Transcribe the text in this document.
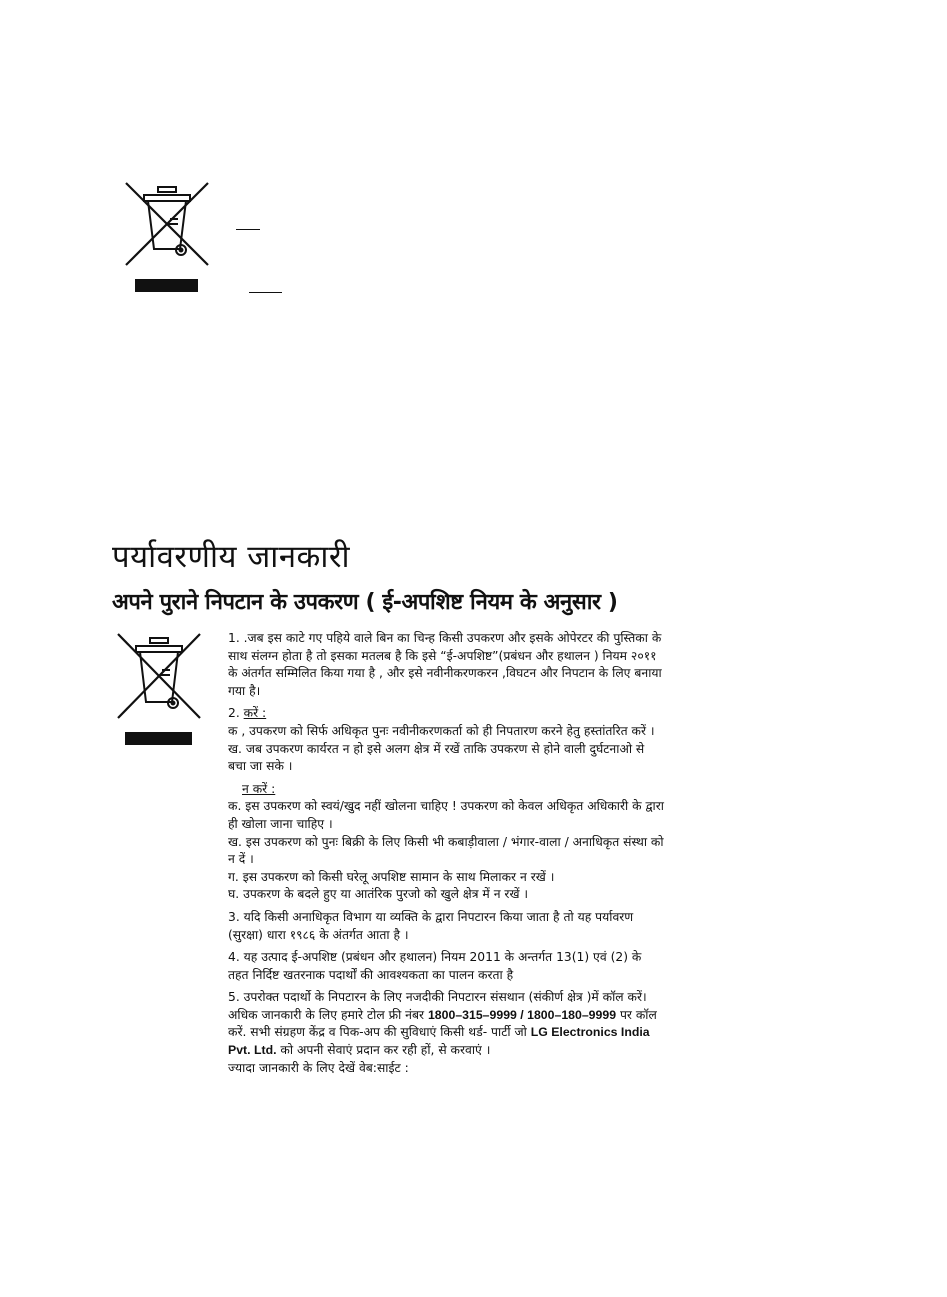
पर्यावरणीय जानकारी
अपने पुराने निपटान के उपकरण ( ई-अपशिष्ट नियम के अनुसार )

1. .जब इस काटे गए पहिये वाले बिन का चिन्ह किसी उपकरण और इसके ओपेरटर की पुस्तिका के साथ संलग्न होता है तो इसका मतलब है कि इसे “ई-अपशिष्ट”(प्रबंधन और हथालन ) नियम २०११ के अंतर्गत सम्मिलित किया गया है , और इसे नवीनीकरणकरन ,विघटन और निपटान के लिए बनाया गया है।

2. करें :

क , उपकरण को सिर्फ अधिकृत पुनः नवीनीकरणकर्ता को ही निपतारण करने हेतु हस्तांतरित करें ।

ख. जब उपकरण कार्यरत न हो इसे अलग क्षेत्र में रखें ताकि उपकरण से होने वाली दुर्घटनाओ से बचा जा सके ।

न करें :

क. इस उपकरण को स्वयं/खुद नहीं खोलना चाहिए ! उपकरण को केवल अधिकृत अधिकारी के द्वारा ही खोला जाना चाहिए ।

ख. इस उपकरण को पुनः बिक्री के लिए किसी भी कबाड़ीवाला / भंगार-वाला / अनाधिकृत संस्था को न दें ।

ग. इस उपकरण को किसी घरेलू अपशिष्ट सामान के साथ मिलाकर न रखें ।

घ. उपकरण के बदले हुए या आतंरिक पुरजो को खुले क्षेत्र में न रखें ।

3. यदि किसी अनाधिकृत विभाग या व्यक्ति के द्वारा निपटारन किया जाता है तो यह पर्यावरण (सुरक्षा) धारा १९८६ के अंतर्गत आता है ।

4. यह उत्पाद ई-अपशिष्ट (प्रबंधन और हथालन) नियम 2011 के अन्तर्गत 13(1) एवं (2) के तहत निर्दिष्ट खतरनाक पदार्थों की आवश्यकता का पालन करता है

5. उपरोक्त पदार्थो के निपटारन के लिए नजदीकी निपटारन संसथान (संकीर्ण क्षेत्र )में कॉल करें। अधिक जानकारी के लिए हमारे टोल फ्री नंबर 1800–315–9999 / 1800–180–9999 पर कॉल करें. सभी संग्रहण केंद्र व पिक-अप की सुविधाएं किसी थर्ड- पार्टी जो LG Electronics India Pvt. Ltd. को अपनी सेवाएं प्रदान कर रही हों, से करवाएं ।

ज्यादा जानकारी के लिए देखें वेब:साईट :
